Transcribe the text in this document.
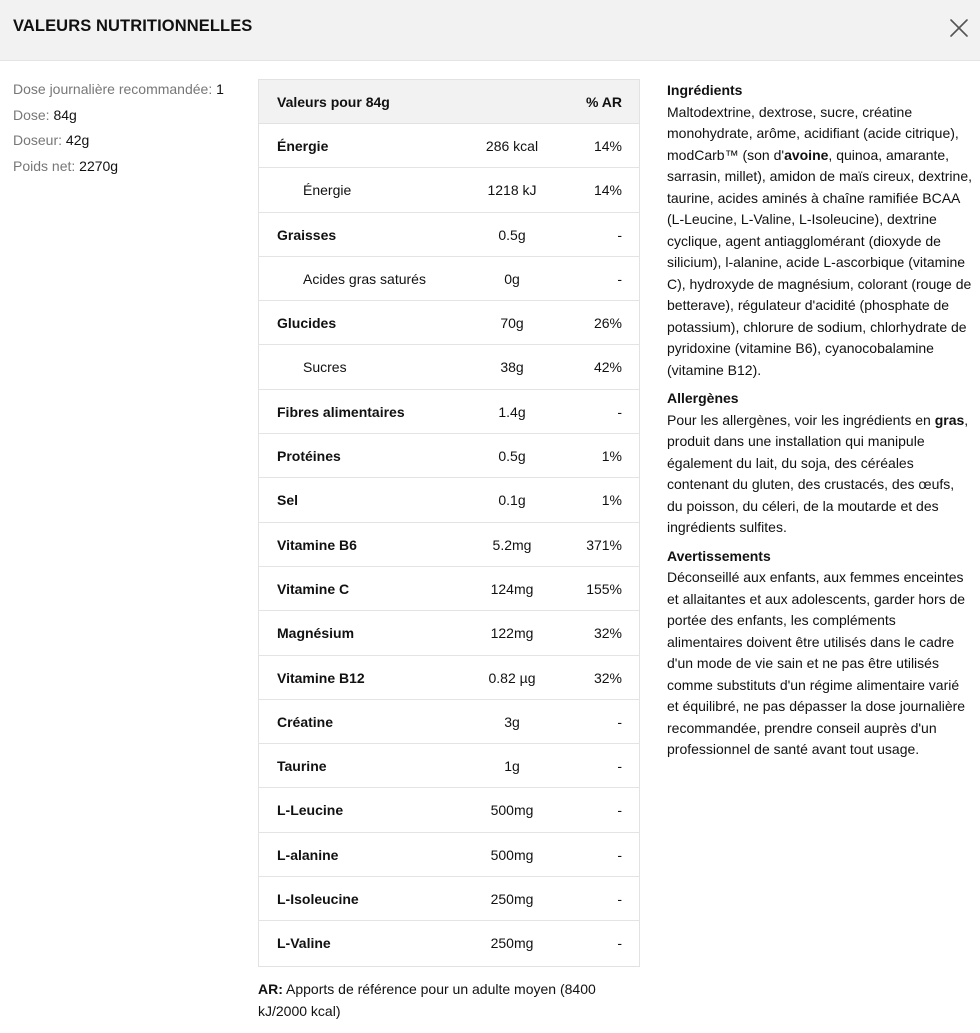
VALEURS NUTRITIONNELLES
Dose journalière recommandée: 1
Dose: 84g
Doseur: 42g
Poids net: 2270g
Valeurs pour 84g	% AR
Énergie	286 kcal	14%
Énergie	1218 kJ	14%
Graisses	0.5g	-
Acides gras saturés	0g	-
Glucides	70g	26%
Sucres	38g	42%
Fibres alimentaires	1.4g	-
Protéines	0.5g	1%
Sel	0.1g	1%
Vitamine B6	5.2mg	371%
Vitamine C	124mg	155%
Magnésium	122mg	32%
Vitamine B12	0.82 µg	32%
Créatine	3g	-
Taurine	1g	-
L-Leucine	500mg	-
L-alanine	500mg	-
L-Isoleucine	250mg	-
L-Valine	250mg	-
AR: Apports de référence pour un adulte moyen (8400 kJ/2000 kcal)
Ingrédients
Maltodextrine, dextrose, sucre, créatine monohydrate, arôme, acidifiant (acide citrique), modCarb™ (son d'avoine, quinoa, amarante, sarrasin, millet), amidon de maïs cireux, dextrine, taurine, acides aminés à chaîne ramifiée BCAA (L-Leucine, L-Valine, L-Isoleucine), dextrine cyclique, agent antiagglomérant (dioxyde de silicium), l-alanine, acide L-ascorbique (vitamine C), hydroxyde de magnésium, colorant (rouge de betterave), régulateur d'acidité (phosphate de potassium), chlorure de sodium, chlorhydrate de pyridoxine (vitamine B6), cyanocobalamine (vitamine B12).
Allergènes
Pour les allergènes, voir les ingrédients en gras, produit dans une installation qui manipule également du lait, du soja, des céréales contenant du gluten, des crustacés, des œufs, du poisson, du céleri, de la moutarde et des ingrédients sulfites.
Avertissements
Déconseillé aux enfants, aux femmes enceintes et allaitantes et aux adolescents, garder hors de portée des enfants, les compléments alimentaires doivent être utilisés dans le cadre d'un mode de vie sain et ne pas être utilisés comme substituts d'un régime alimentaire varié et équilibré, ne pas dépasser la dose journalière recommandée, prendre conseil auprès d'un professionnel de santé avant tout usage.
